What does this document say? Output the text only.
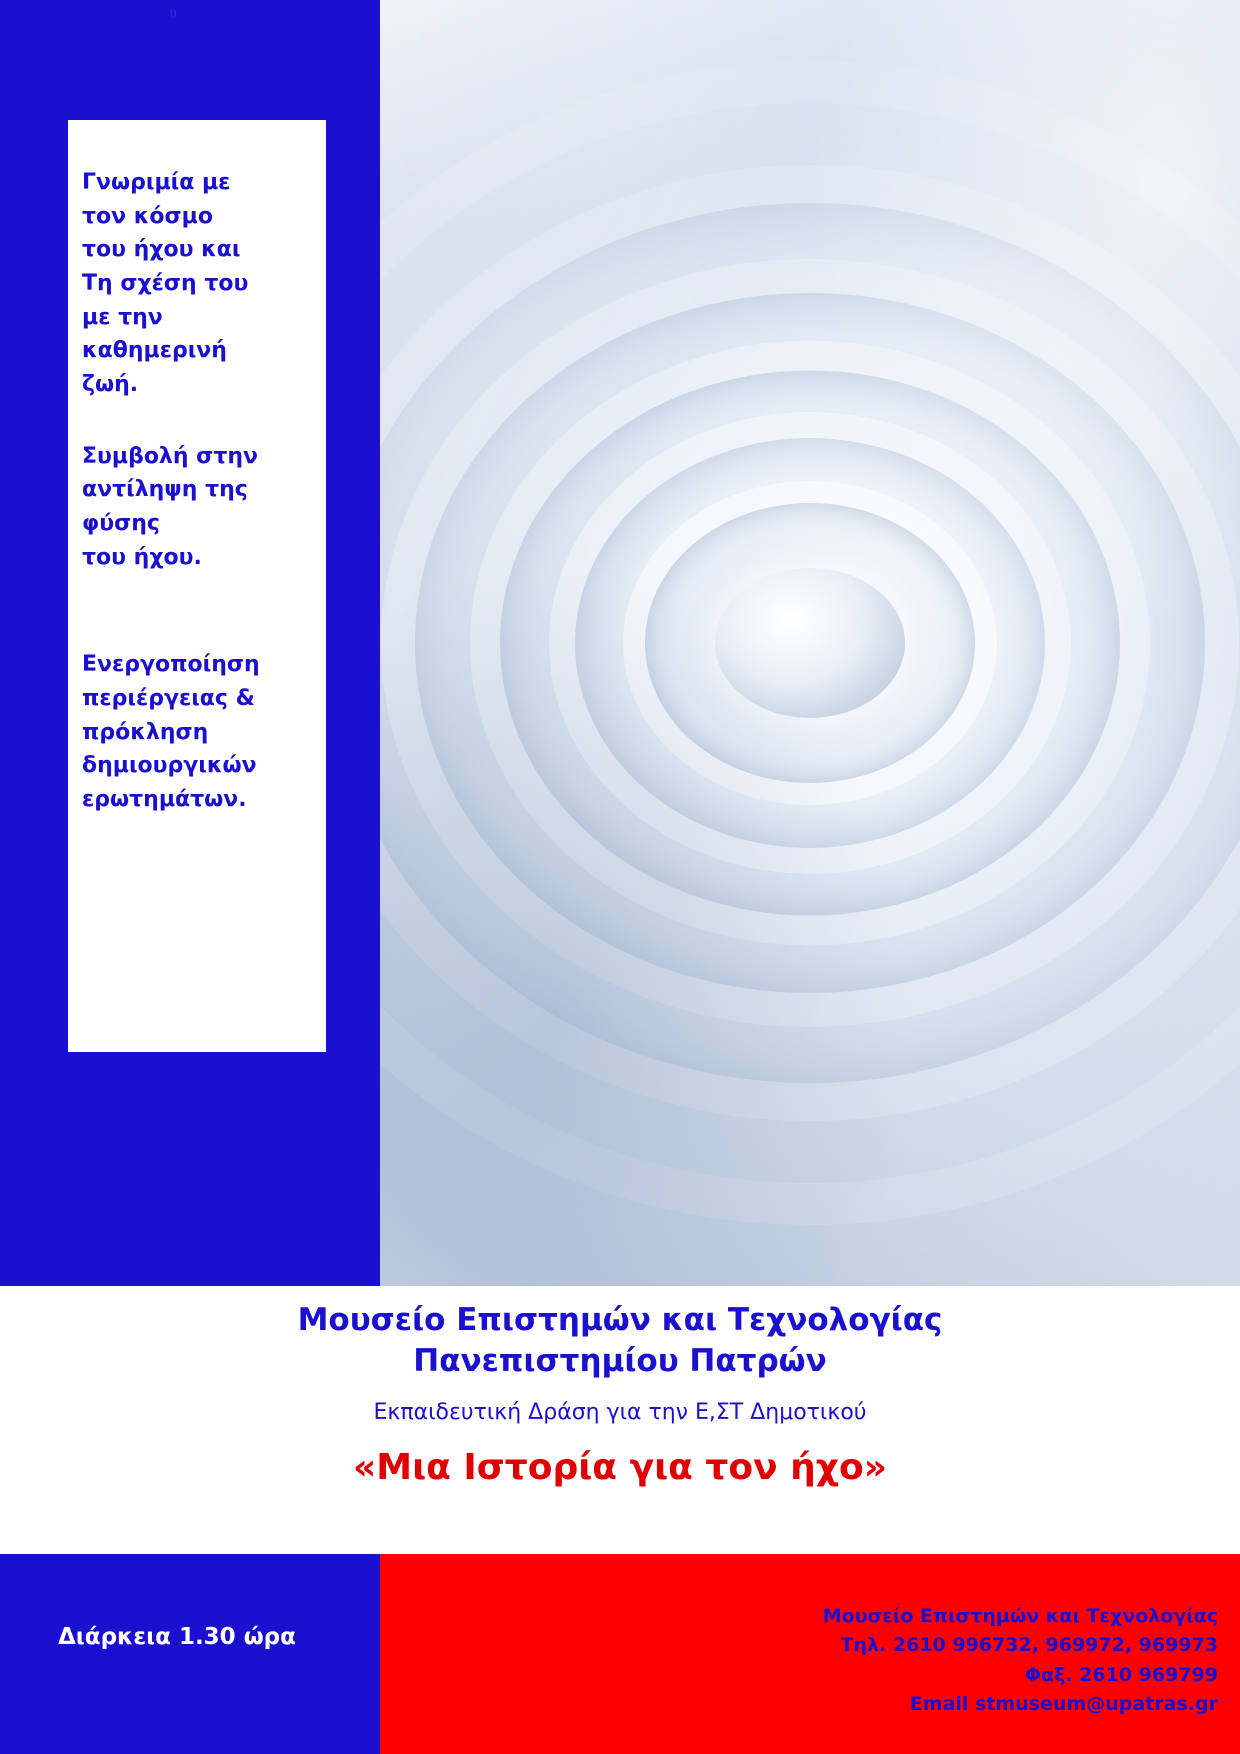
0

Γνωριμία με

τον κόσμο

του ήχου και

Τη σχέση του

με την

καθημερινή

ζωή.

Συμβολή στην

αντίληψη της

φύσης

του ήχου.

Ενεργοποίηση

περιέργειας &

πρόκληση

δημιουργικών

ερωτημάτων.

Μουσείο Επιστημών και Τεχνολογίας
Πανεπιστημίου Πατρών
Εκπαιδευτική Δράση για την Ε,ΣΤ Δημοτικού
«Μια Ιστορία για τον ήχο»
Διάρκεια 1.30 ώρα
Μουσείο Επιστημών και Τεχνολογίας
Τηλ. 2610 996732, 969972, 969973
Φαξ. 2610 969799
Email stmuseum@upatras.gr
